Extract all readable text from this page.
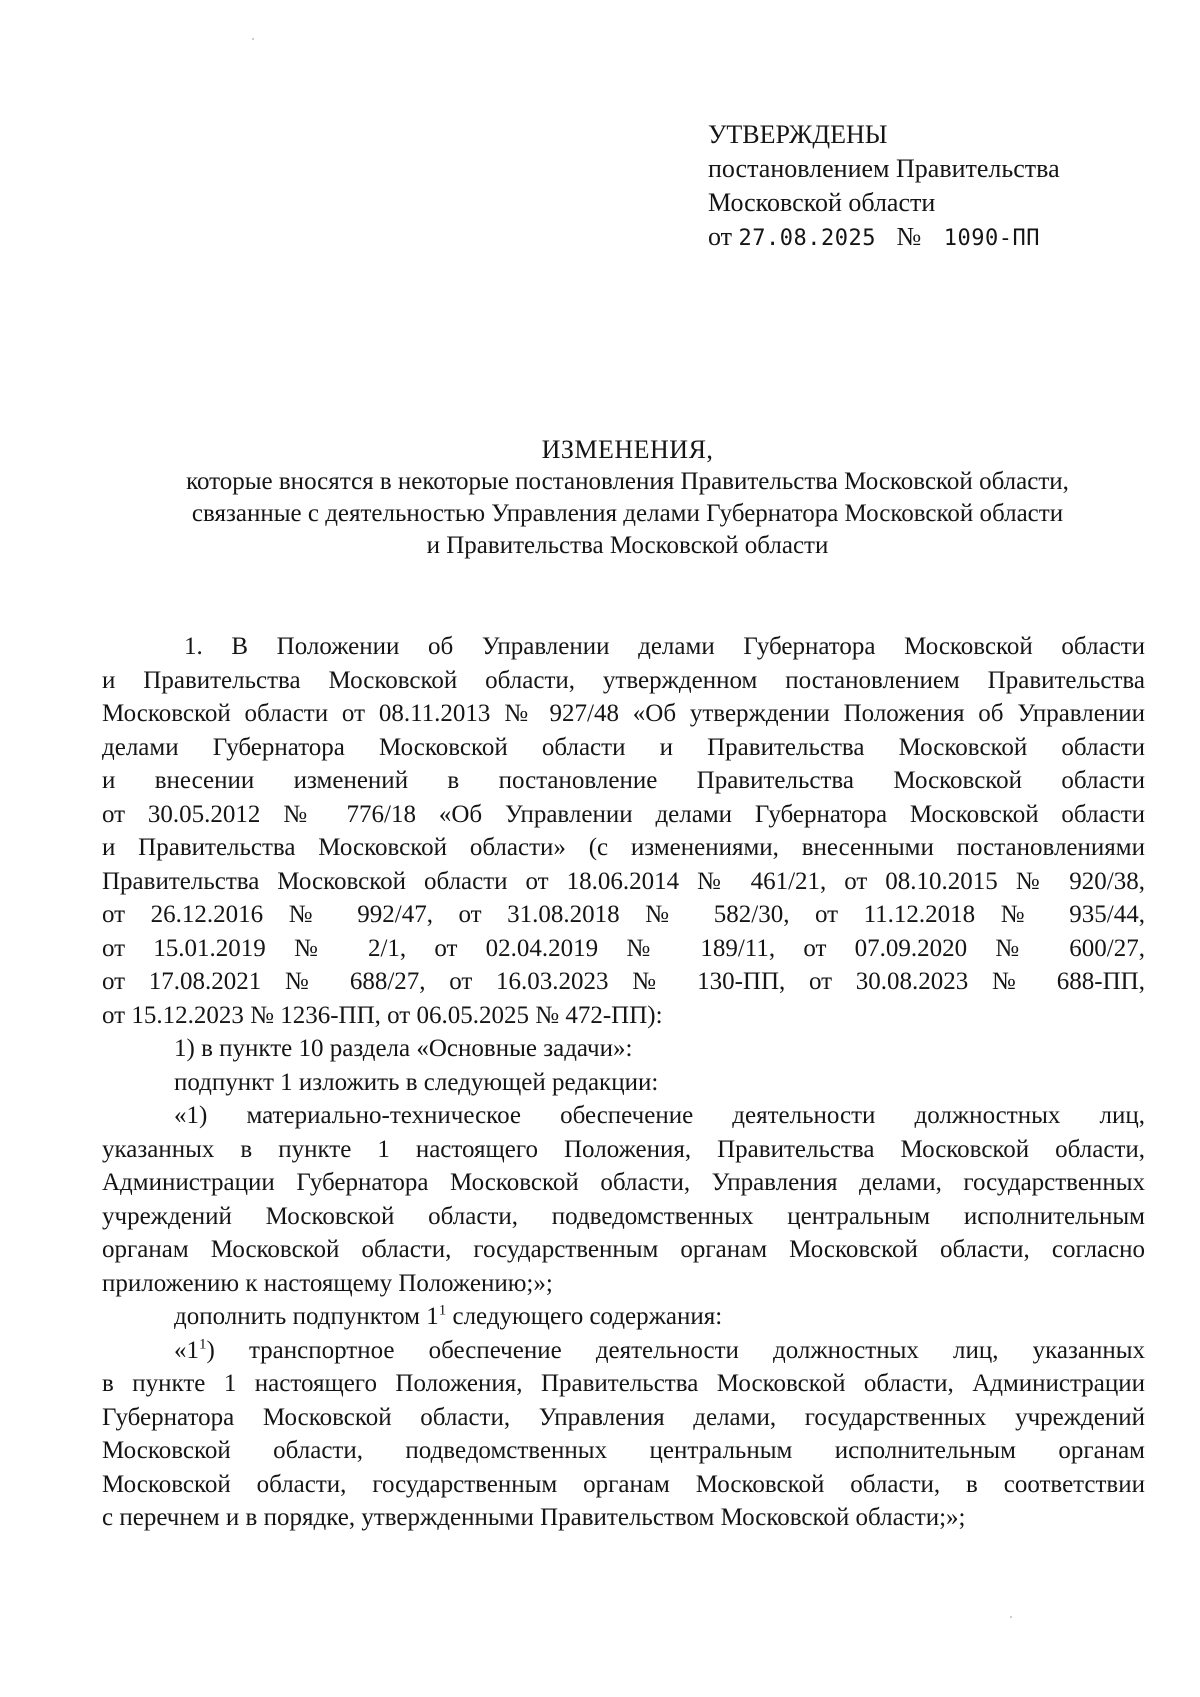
УТВЕРЖДЕНЫ
постановлением Правительства
Московской области
от 27.08.2025 № 1090-ПП
ИЗМЕНЕНИЯ,
которые вносятся в некоторые постановления Правительства Московской области,
связанные с деятельностью Управления делами Губернатора Московской области
и Правительства Московской области

1. В Положении об Управлении делами Губернатора Московской области

и Правительства Московской области, утвержденном постановлением Правительства

Московской области от 08.11.2013 № 927/48 «Об утверждении Положения об Управлении

делами Губернатора Московской области и Правительства Московской области

и внесении изменений в постановление Правительства Московской области

от 30.05.2012 № 776/18 «Об Управлении делами Губернатора Московской области

и Правительства Московской области» (с изменениями, внесенными постановлениями

Правительства Московской области от 18.06.2014 № 461/21, от 08.10.2015 № 920/38,

от 26.12.2016 № 992/47, от 31.08.2018 № 582/30, от 11.12.2018 № 935/44,

от 15.01.2019 № 2/1, от 02.04.2019 № 189/11, от 07.09.2020 № 600/27,

от 17.08.2021 № 688/27, от 16.03.2023 № 130-ПП, от 30.08.2023 № 688-ПП,

от 15.12.2023 № 1236-ПП, от 06.05.2025 № 472-ПП):

1) в пункте 10 раздела «Основные задачи»:

подпункт 1 изложить в следующей редакции:

«1) материально-техническое обеспечение деятельности должностных лиц,

указанных в пункте 1 настоящего Положения, Правительства Московской области,

Администрации Губернатора Московской области, Управления делами, государственных

учреждений Московской области, подведомственных центральным исполнительным

органам Московской области, государственным органам Московской области, согласно

приложению к настоящему Положению;»;

дополнить подпунктом $1^1$ следующего содержания:

«$1^1$) транспортное обеспечение деятельности должностных лиц, указанных

в пункте 1 настоящего Положения, Правительства Московской области, Администрации

Губернатора Московской области, Управления делами, государственных учреждений

Московской области, подведомственных центральным исполнительным органам

Московской области, государственным органам Московской области, в соответствии

с перечнем и в порядке, утвержденными Правительством Московской области;»;
